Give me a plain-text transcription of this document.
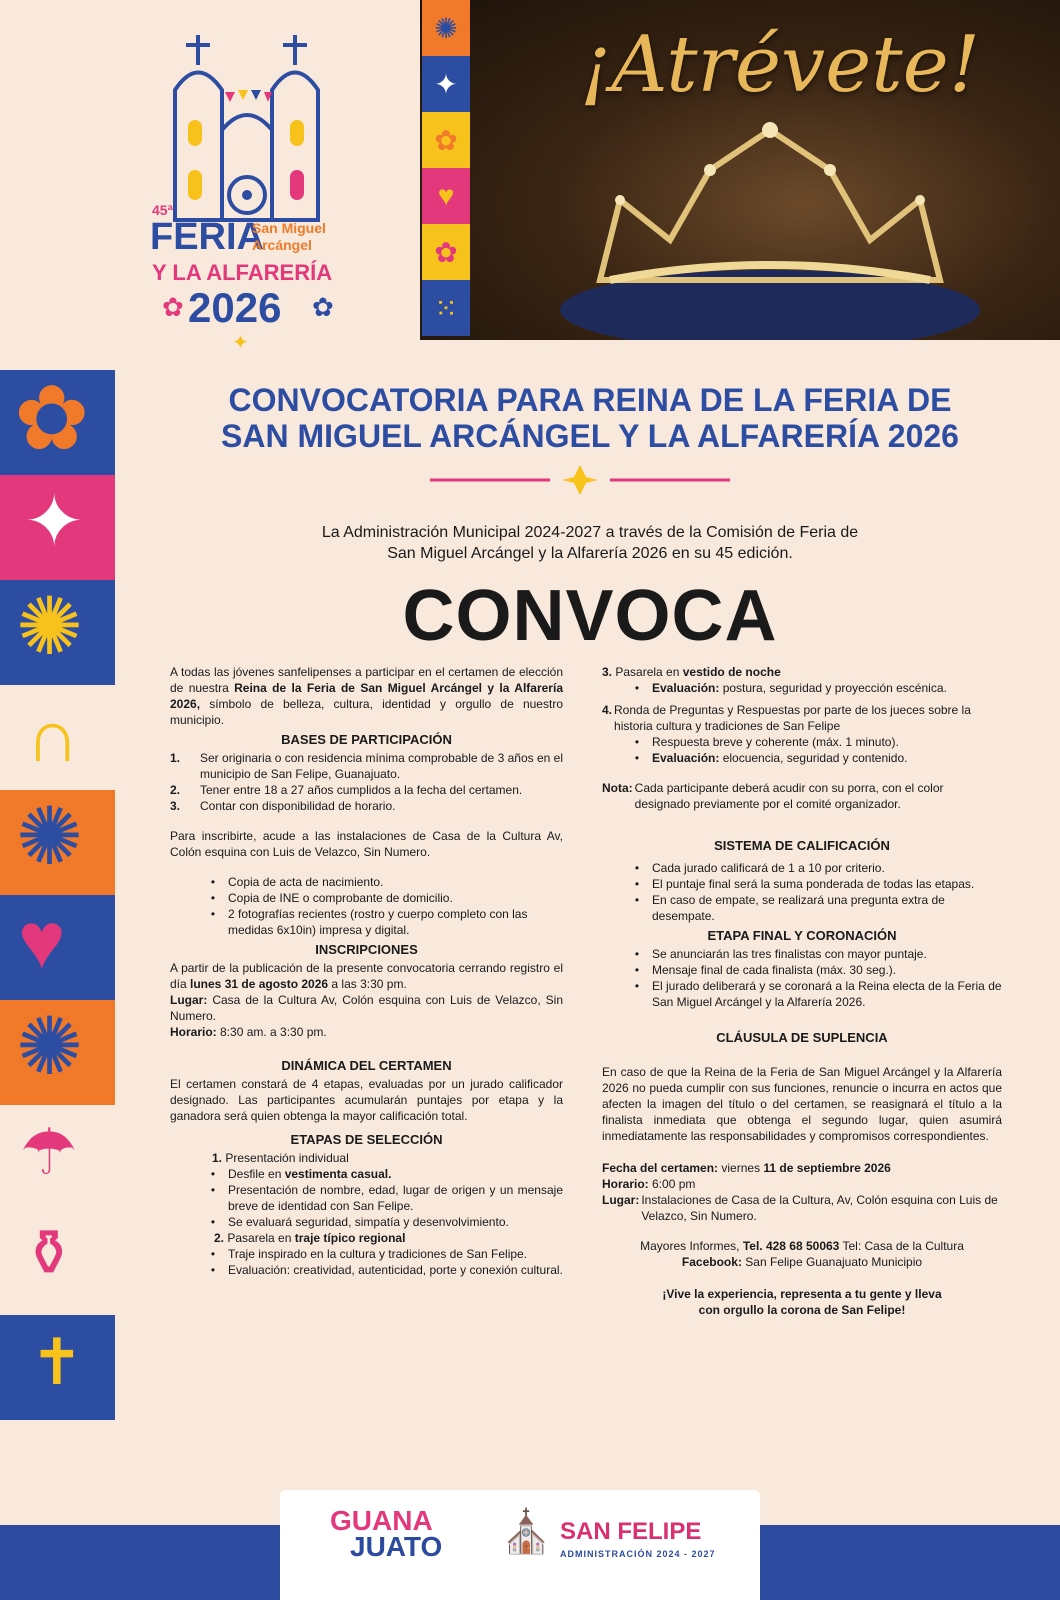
45ª
FERIA
San Miguel
Arcángel
Y LA ALFARERÍA
2026
✿	✿
✦
✺
✦
✿
♥
✿
⁙
¡Atrévete!
✿
✦
✺
∩
✺
♥
✺
☂
⚱
✝
CONVOCATORIA PARA REINA DE LA FERIA DE
SAN MIGUEL ARCÁNGEL Y LA ALFARERÍA 2026
La Administración Municipal 2024-2027 a través de la Comisión de Feria de
San Miguel Arcángel y la Alfarería 2026 en su 45 edición.
CONVOCA

A todas las jóvenes sanfelipenses a participar en el certamen de elección de nuestra Reina de la Feria de San Miguel Arcángel y la Alfarería 2026, símbolo de belleza, cultura, identidad y orgullo de nuestro municipio.

BASES DE PARTICIPACIÓN
1.	Ser originaria o con residencia mínima comprobable de 3 años en el municipio de San Felipe, Guanajuato.
2.	Tener entre 18 a 27 años cumplidos a la fecha del certamen.
3.	Contar con disponibilidad de horario.

Para inscribirte, acude a las instalaciones de Casa de la Cultura Av, Colón esquina con Luis de Velazco, Sin Numero.

•	Copia de acta de nacimiento.
•	Copia de INE o comprobante de domicilio.
•	2 fotografías recientes (rostro y cuerpo completo con las medidas 6x10in) impresa y digital.
INSCRIPCIONES

A partir de la publicación de la presente convocatoria cerrando registro el día lunes 31 de agosto 2026 a las 3:30 pm.

Lugar: Casa de la Cultura Av, Colón esquina con Luis de Velazco, Sin Numero.

Horario: 8:30 am. a 3:30 pm.

DINÁMICA DEL CERTAMEN

El certamen constará de 4 etapas, evaluadas por un jurado calificador designado. Las participantes acumularán puntajes por etapa y la ganadora será quien obtenga la mayor calificación total.

ETAPAS DE SELECCIÓN
1. Presentación individual
•	Desfile en vestimenta casual.
•	Presentación de nombre, edad, lugar de origen y un mensaje breve de identidad con San Felipe.
•	Se evaluará seguridad, simpatía y desenvolvimiento.
2. Pasarela en traje típico regional
•	Traje inspirado en la cultura y tradiciones de San Felipe.
•	Evaluación: creatividad, autenticidad, porte y conexión cultural.
3. Pasarela en vestido de noche
•	Evaluación: postura, seguridad y proyección escénica.
4. Ronda de Preguntas y Respuestas por parte de los jueces sobre la historia cultura y tradiciones de San Felipe
•	Respuesta breve y coherente (máx. 1 minuto).
•	Evaluación: elocuencia, seguridad y contenido.
Nota: Cada participante deberá acudir con su porra, con el color designado previamente por el comité organizador.
SISTEMA DE CALIFICACIÓN
•	Cada jurado calificará de 1 a 10 por criterio.
•	El puntaje final será la suma ponderada de todas las etapas.
•	En caso de empate, se realizará una pregunta extra de desempate.
ETAPA FINAL Y CORONACIÓN
•	Se anunciarán las tres finalistas con mayor puntaje.
•	Mensaje final de cada finalista (máx. 30 seg.).
•	El jurado deliberará y se coronará a la Reina electa de la Feria de San Miguel Arcángel y la Alfarería 2026.
CLÁUSULA DE SUPLENCIA

En caso de que la Reina de la Feria de San Miguel Arcángel y la Alfarería 2026 no pueda cumplir con sus funciones, renuncie o incurra en actos que afecten la imagen del título o del certamen, se reasignará el título a la finalista inmediata que obtenga el segundo lugar, quien asumirá inmediatamente las responsabilidades y compromisos correspondientes.

Fecha del certamen: viernes 11 de septiembre 2026
Horario: 6:00 pm
Lugar: Instalaciones de Casa de la Cultura, Av, Colón esquina con Luis de Velazco, Sin Numero.
Mayores Informes, Tel. 428 68 50063 Tel: Casa de la Cultura
Facebook: San Felipe Guanajuato Municipio
¡Vive la experiencia, representa a tu gente y lleva
con orgullo la corona de San Felipe!
GUANA
JUATO ⛪ SAN FELIPE
ADMINISTRACIÓN 2024 - 2027
